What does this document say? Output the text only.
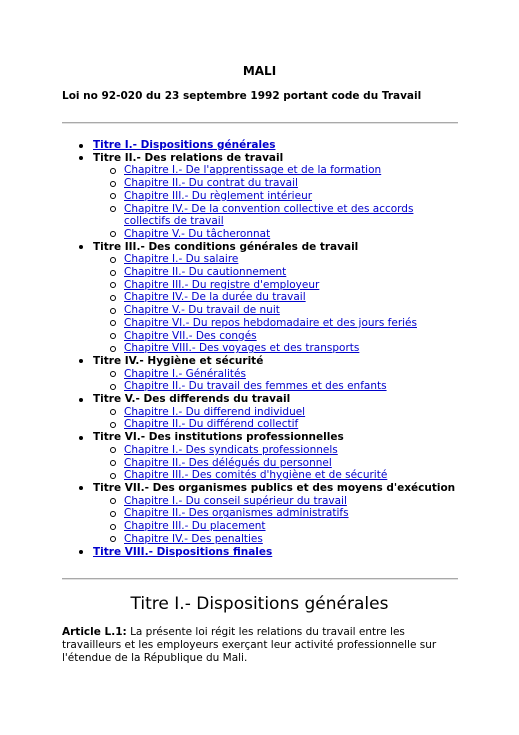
MALI
Loi no 92-020 du 23 septembre 1992 portant code du Travail
Titre I.- Dispositions générales
Titre II.- Des relations de travail
Chapitre I.- De l'apprentissage et de la formation
Chapitre II.- Du contrat du travail
Chapitre III.- Du règlement intérieur
Chapitre IV.- De la convention collective et des accords collectifs de travail
Chapitre V.- Du tâcheronnat
Titre III.- Des conditions générales de travail
Chapitre I.- Du salaire
Chapitre II.- Du cautionnement
Chapitre III.- Du registre d'employeur
Chapitre IV.- De la durée du travail
Chapitre V.- Du travail de nuit
Chapitre VI.- Du repos hebdomadaire et des jours feriés
Chapitre VII.- Des congés
Chapitre VIII.- Des voyages et des transports
Titre IV.- Hygiène et sécurité
Chapitre I.- Généralités
Chapitre II.- Du travail des femmes et des enfants
Titre V.- Des differends du travail
Chapitre I.- Du differend individuel
Chapitre II.- Du différend collectif
Titre VI.- Des institutions professionnelles
Chapitre I.- Des syndicats professionnels
Chapitre II.- Des délégués du personnel
Chapitre III.- Des comités d'hygiène et de sécurité
Titre VII.- Des organismes publics et des moyens d'exécution
Chapitre I.- Du conseil supérieur du travail
Chapitre II.- Des organismes administratifs
Chapitre III.- Du placement
Chapitre IV.- Des penalties
Titre VIII.- Dispositions finales
Titre I.- Dispositions générales

Article L.1: La présente loi régit les relations du travail entre les travailleurs et les employeurs exerçant leur activité professionnelle sur l'étendue de la République du Mali.
